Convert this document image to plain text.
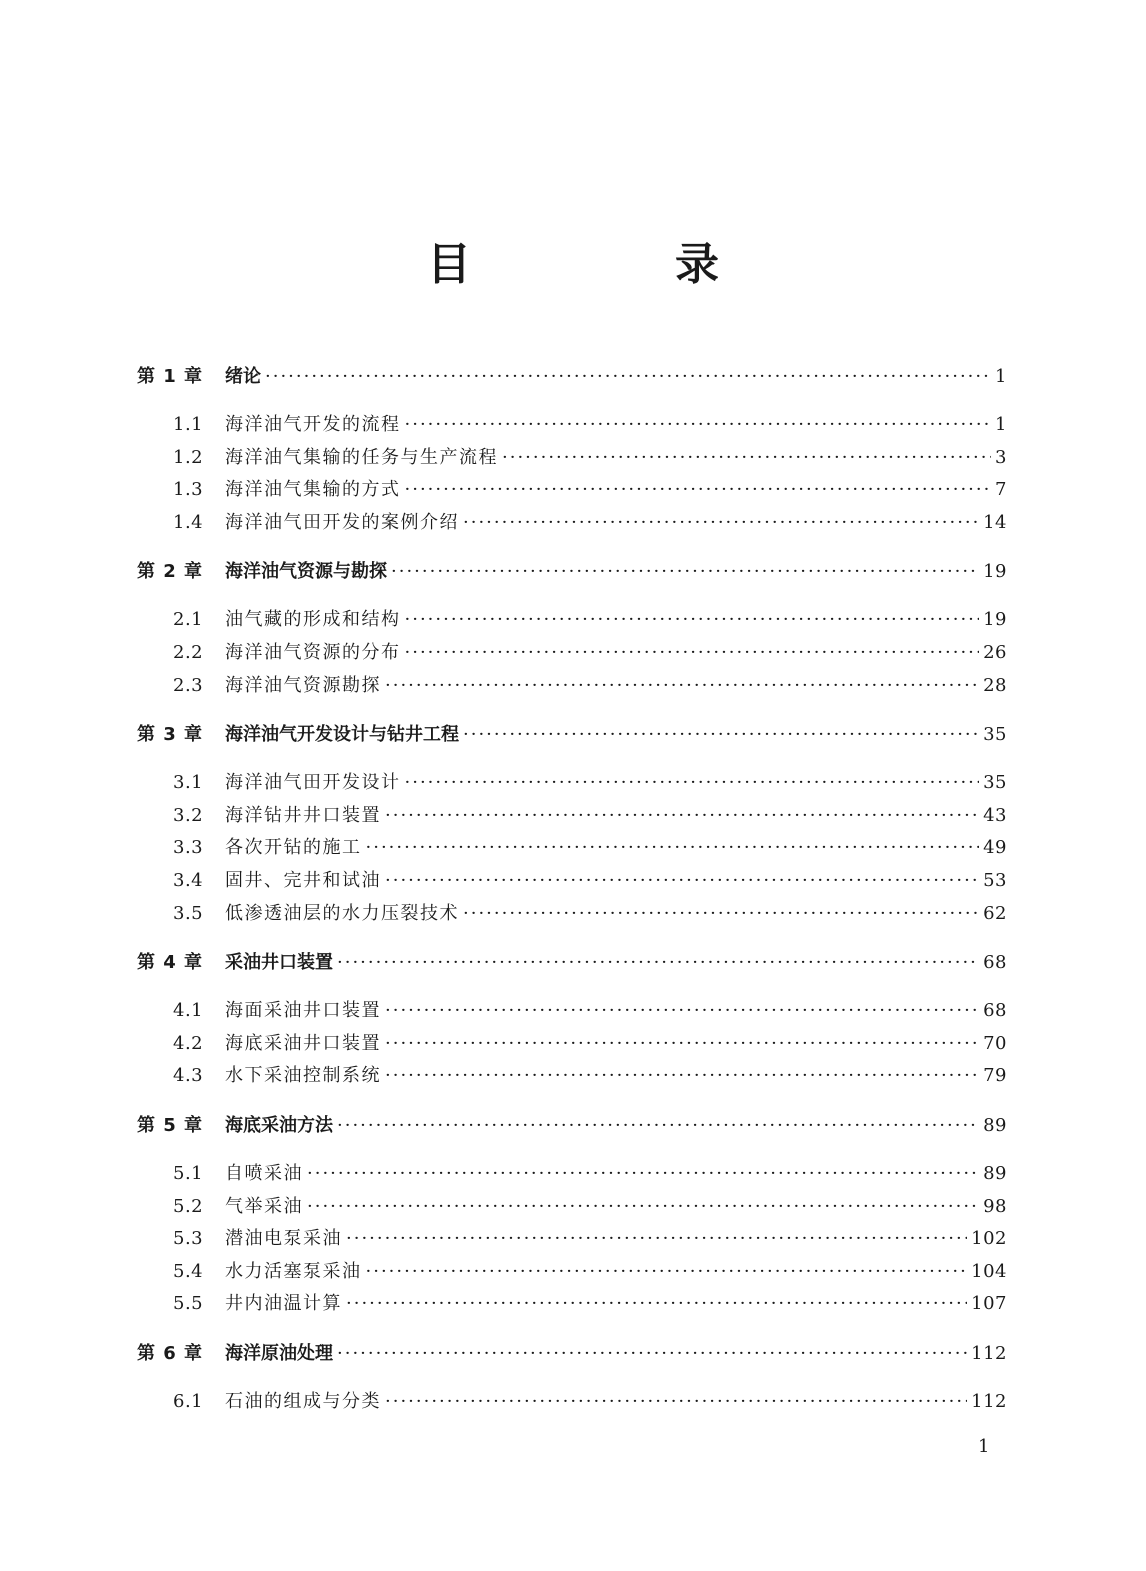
目　录
第 1 章	绪论 ·····	1
1.1	海洋油气开发的流程 ·····	1
1.2	海洋油气集输的任务与生产流程 ·····	3
1.3	海洋油气集输的方式 ·····	7
1.4	海洋油气田开发的案例介绍 ·····	14
第 2 章	海洋油气资源与勘探 ·····	19
2.1	油气藏的形成和结构 ·····	19
2.2	海洋油气资源的分布 ·····	26
2.3	海洋油气资源勘探 ·····	28
第 3 章	海洋油气开发设计与钻井工程 ·····	35
3.1	海洋油气田开发设计 ·····	35
3.2	海洋钻井井口装置 ·····	43
3.3	各次开钻的施工 ·····	49
3.4	固井、完井和试油 ·····	53
3.5	低渗透油层的水力压裂技术 ·····	62
第 4 章	采油井口装置 ·····	68
4.1	海面采油井口装置 ·····	68
4.2	海底采油井口装置 ·····	70
4.3	水下采油控制系统 ·····	79
第 5 章	海底采油方法 ·····	89
5.1	自喷采油 ·····	89
5.2	气举采油 ·····	98
5.3	潜油电泵采油 ·····	102
5.4	水力活塞泵采油 ·····	104
5.5	井内油温计算 ·····	107
第 6 章	海洋原油处理 ·····	112
6.1	石油的组成与分类 ·····	112
1
